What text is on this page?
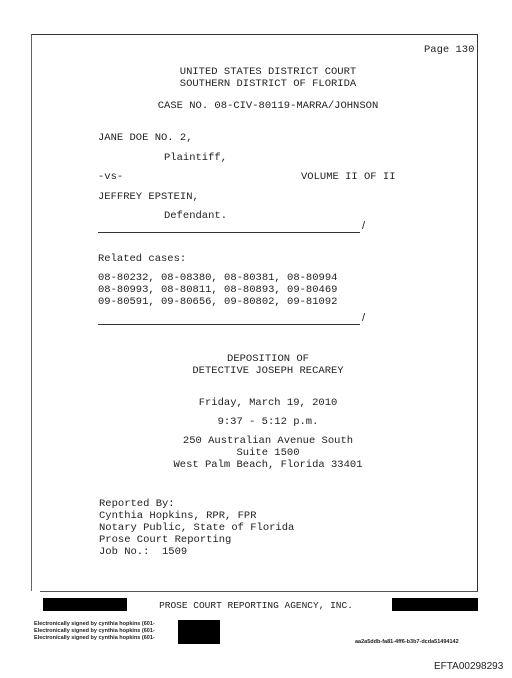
Page 130
UNITED STATES DISTRICT COURT
SOUTHERN DISTRICT OF FLORIDA
CASE NO. 08-CIV-80119-MARRA/JOHNSON
JANE DOE NO. 2,
Plaintiff,
-vs-	VOLUME II OF II
JEFFREY EPSTEIN,
Defendant.
/
Related cases:
08-80232, 08-08380, 08-80381, 08-80994
08-80993, 08-80811, 08-80893, 09-80469
09-80591, 09-80656, 09-80802, 09-81092
/
DEPOSITION OF
DETECTIVE JOSEPH RECAREY
Friday, March 19, 2010
9:37 - 5:12 p.m.
250 Australian Avenue South
Suite 1500
West Palm Beach, Florida 33401
Reported By:
Cynthia Hopkins, RPR, FPR
Notary Public, State of Florida
Prose Court Reporting
Job No.:  1509
PROSE COURT REPORTING AGENCY, INC.
Electronically signed by cynthia hopkins (601-
Electronically signed by cynthia hopkins (601-
Electronically signed by cynthia hopkins (601-
aa2a5ddb-fa81-4ff6-b3b7-dcda51494142
EFTA00298293
